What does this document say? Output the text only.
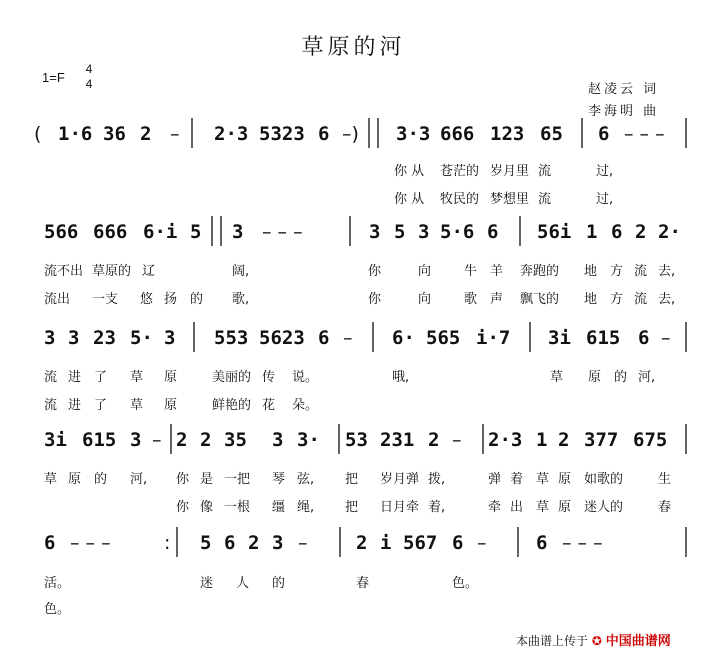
草原的河
1=F
4
4	赵凌云 词
李海明 曲
( 1·6 36 2 – 2·3 5323 6 –) 3·3 666 123 65 6 – – –
566 666 6·i 5 3 – – –	3 5 3 5·6 6 56i 1 6 2 2·
3 3 23 5· 3 553 5623 6 – 6· 565 i·7 3i 615 6 –
3i 615 3 – 2 2 35 3 3· 53 231 2 – 2·3 1 2 377 675
6 – – –	: 5 6 2 3 –	2 i 567 6 –	6 – – –
你 从 苍茫的 岁月里 流	过,
你 从 牧民的 梦想里 流	过,
流不出 草原的 辽	阔,	你	向	牛 羊 奔跑的 地 方 流 去,
流出 一支 悠 扬 的 歌,	你	向	歌 声 飘飞的 地 方 流 去,
流 进 了 草 原	美丽的 传 说。	哦,	草 原 的 河,
流 进 了 草 原	鲜艳的 花 朵。
草 原 的 河, 你 是 一把 琴 弦, 把 岁月弹 拨,	弹 着 草 原 如歌的	生
你 像 一根 缰 绳, 把 日月牵 着,	牵 出 草 原 迷人的	春
活。	迷 人 的	春	色。
色。
本曲谱上传于 ✪ 中国曲谱网
